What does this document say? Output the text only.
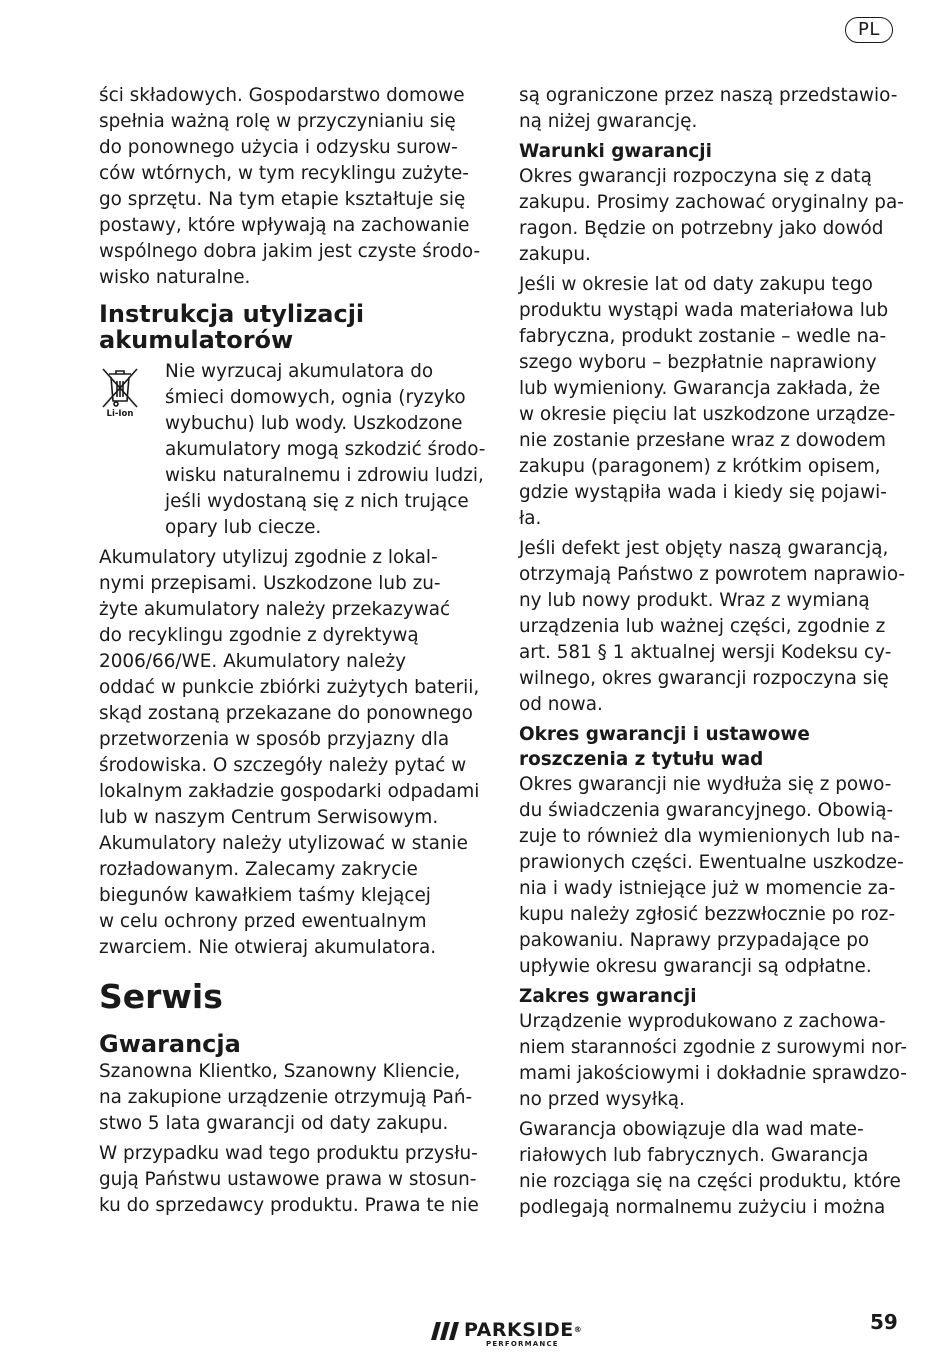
PL
ści składowych. Gospodarstwo domowe
spełnia ważną rolę w przyczynianiu się
do ponownego użycia i odzysku surow-
ców wtórnych, w tym recyklingu zużyte-
go sprzętu. Na tym etapie kształtuje się
postawy, które wpływają na zachowanie
wspólnego dobra jakim jest czyste środo-
wisko naturalne.
Instrukcja utylizacji
akumulatorów
Li-Ion
Nie wyrzucaj akumulatora do
śmieci domowych, ognia (ryzyko
wybuchu) lub wody. Uszkodzone
akumulatory mogą szkodzić środo-
wisku naturalnemu i zdrowiu ludzi,
jeśli wydostaną się z nich trujące
opary lub ciecze.
Akumulatory utylizuj zgodnie z lokal-
nymi przepisami. Uszkodzone lub zu-
żyte akumulatory należy przekazywać
do recyklingu zgodnie z dyrektywą
2006/66/WE. Akumulatory należy
oddać w punkcie zbiórki zużytych baterii,
skąd zostaną przekazane do ponownego
przetworzenia w sposób przyjazny dla
środowiska. O szczegóły należy pytać w
lokalnym zakładzie gospodarki odpadami
lub w naszym Centrum Serwisowym.
Akumulatory należy utylizować w stanie
rozładowanym. Zalecamy zakrycie
biegunów kawałkiem taśmy klejącej
w celu ochrony przed ewentualnym
zwarciem. Nie otwieraj akumulatora.
Serwis
Gwarancja
Szanowna Klientko, Szanowny Kliencie,
na zakupione urządzenie otrzymują Pań-
stwo 5 lata gwarancji od daty zakupu.
W przypadku wad tego produktu przysłu-
gują Państwu ustawowe prawa w stosun-
ku do sprzedawcy produktu. Prawa te nie
są ograniczone przez naszą przedstawio-
ną niżej gwarancję.
Warunki gwarancji
Okres gwarancji rozpoczyna się z datą
zakupu. Prosimy zachować oryginalny pa-
ragon. Będzie on potrzebny jako dowód
zakupu.
Jeśli w okresie lat od daty zakupu tego
produktu wystąpi wada materiałowa lub
fabryczna, produkt zostanie – wedle na-
szego wyboru – bezpłatnie naprawiony
lub wymieniony. Gwarancja zakłada, że
w okresie pięciu lat uszkodzone urządze-
nie zostanie przesłane wraz z dowodem
zakupu (paragonem) z krótkim opisem,
gdzie wystąpiła wada i kiedy się pojawi-
ła.
Jeśli defekt jest objęty naszą gwarancją,
otrzymają Państwo z powrotem naprawio-
ny lub nowy produkt. Wraz z wymianą
urządzenia lub ważnej części, zgodnie z
art. 581 § 1 aktualnej wersji Kodeksu cy-
wilnego, okres gwarancji rozpoczyna się
od nowa.
Okres gwarancji i ustawowe
roszczenia z tytułu wad
Okres gwarancji nie wydłuża się z powo-
du świadczenia gwarancyjnego. Obowią-
zuje to również dla wymienionych lub na-
prawionych części. Ewentualne uszkodze-
nia i wady istniejące już w momencie za-
kupu należy zgłosić bezzwłocznie po roz-
pakowaniu. Naprawy przypadające po
upływie okresu gwarancji są odpłatne.
Zakres gwarancji
Urządzenie wyprodukowano z zachowa-
niem staranności zgodnie z surowymi nor-
mami jakościowymi i dokładnie sprawdzo-
no przed wysyłką.
Gwarancja obowiązuje dla wad mate-
riałowych lub fabrycznych. Gwarancja
nie rozciąga się na części produktu, które
podlegają normalnemu zużyciu i można
PARKSIDE®
PERFORMANCE
59
